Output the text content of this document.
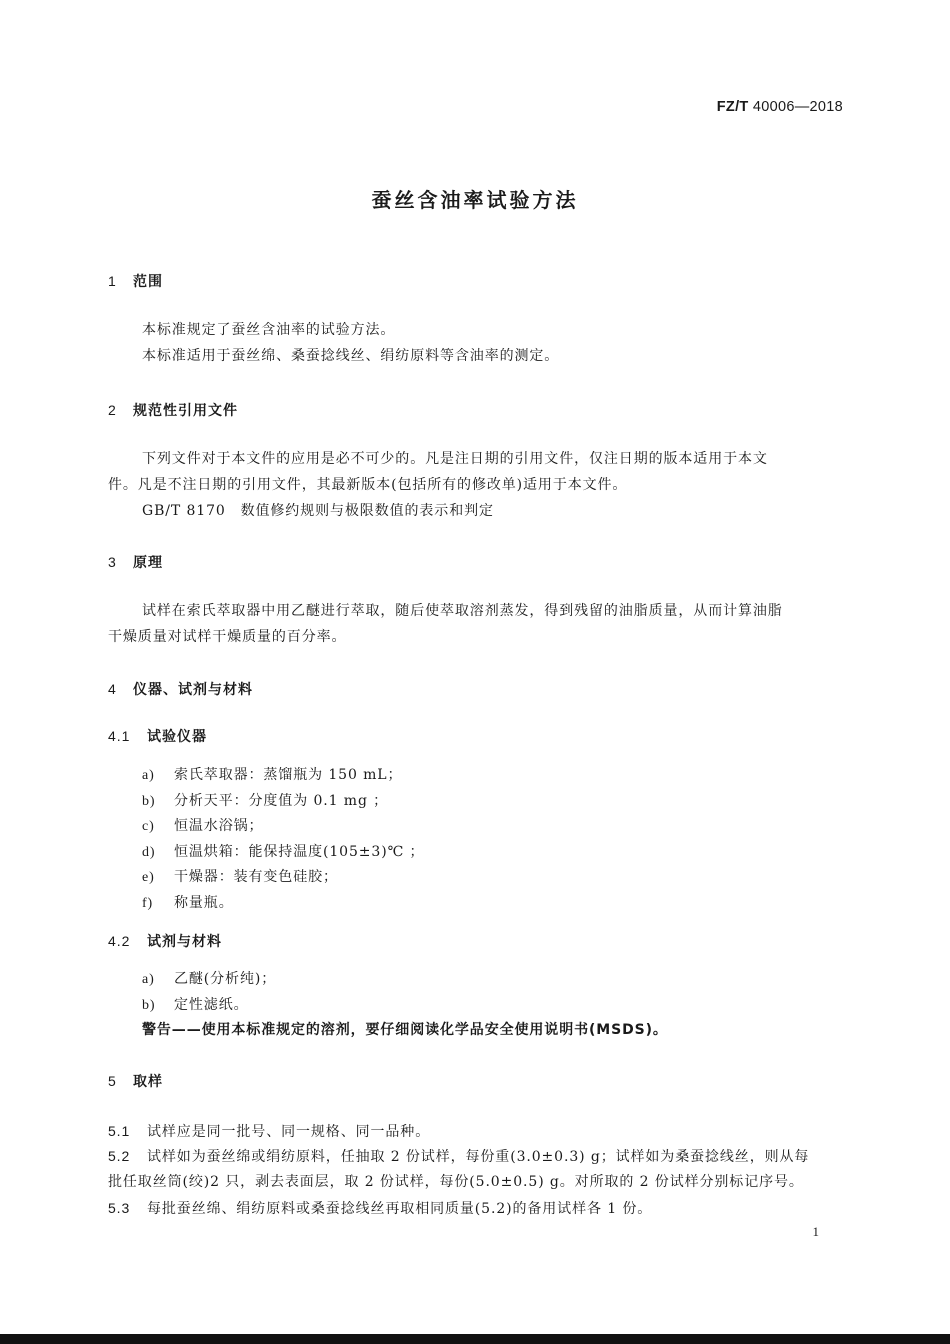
FZ/T 40006—2018
蚕丝含油率试验方法
1 范围
本标准规定了蚕丝含油率的试验方法。
本标准适用于蚕丝绵、桑蚕捻线丝、绢纺原料等含油率的测定。
2 规范性引用文件
下列文件对于本文件的应用是必不可少的。凡是注日期的引用文件，仅注日期的版本适用于本文
件。凡是不注日期的引用文件，其最新版本(包括所有的修改单)适用于本文件。
GB/T 8170　数值修约规则与极限数值的表示和判定
3 原理
试样在索氏萃取器中用乙醚进行萃取，随后使萃取溶剂蒸发，得到残留的油脂质量，从而计算油脂
干燥质量对试样干燥质量的百分率。
4 仪器、试剂与材料
4.1 试验仪器
a) 索氏萃取器：蒸馏瓶为 150 mL；
b) 分析天平：分度值为 0.1 mg ；
c) 恒温水浴锅；
d) 恒温烘箱：能保持温度(105±3)℃ ；
e) 干燥器：装有变色硅胶；
f) 称量瓶。
4.2 试剂与材料
a) 乙醚(分析纯)；
b) 定性滤纸。
警告——使用本标准规定的溶剂，要仔细阅读化学品安全使用说明书(MSDS)。
5 取样
5.1 试样应是同一批号、同一规格、同一品种。
5.2 试样如为蚕丝绵或绢纺原料，任抽取 2 份试样，每份重(3.0±0.3) g；试样如为桑蚕捻线丝，则从每
批任取丝筒(绞)2 只，剥去表面层，取 2 份试样，每份(5.0±0.5) g。对所取的 2 份试样分别标记序号。
5.3 每批蚕丝绵、绢纺原料或桑蚕捻线丝再取相同质量(5.2)的备用试样各 1 份。
1
